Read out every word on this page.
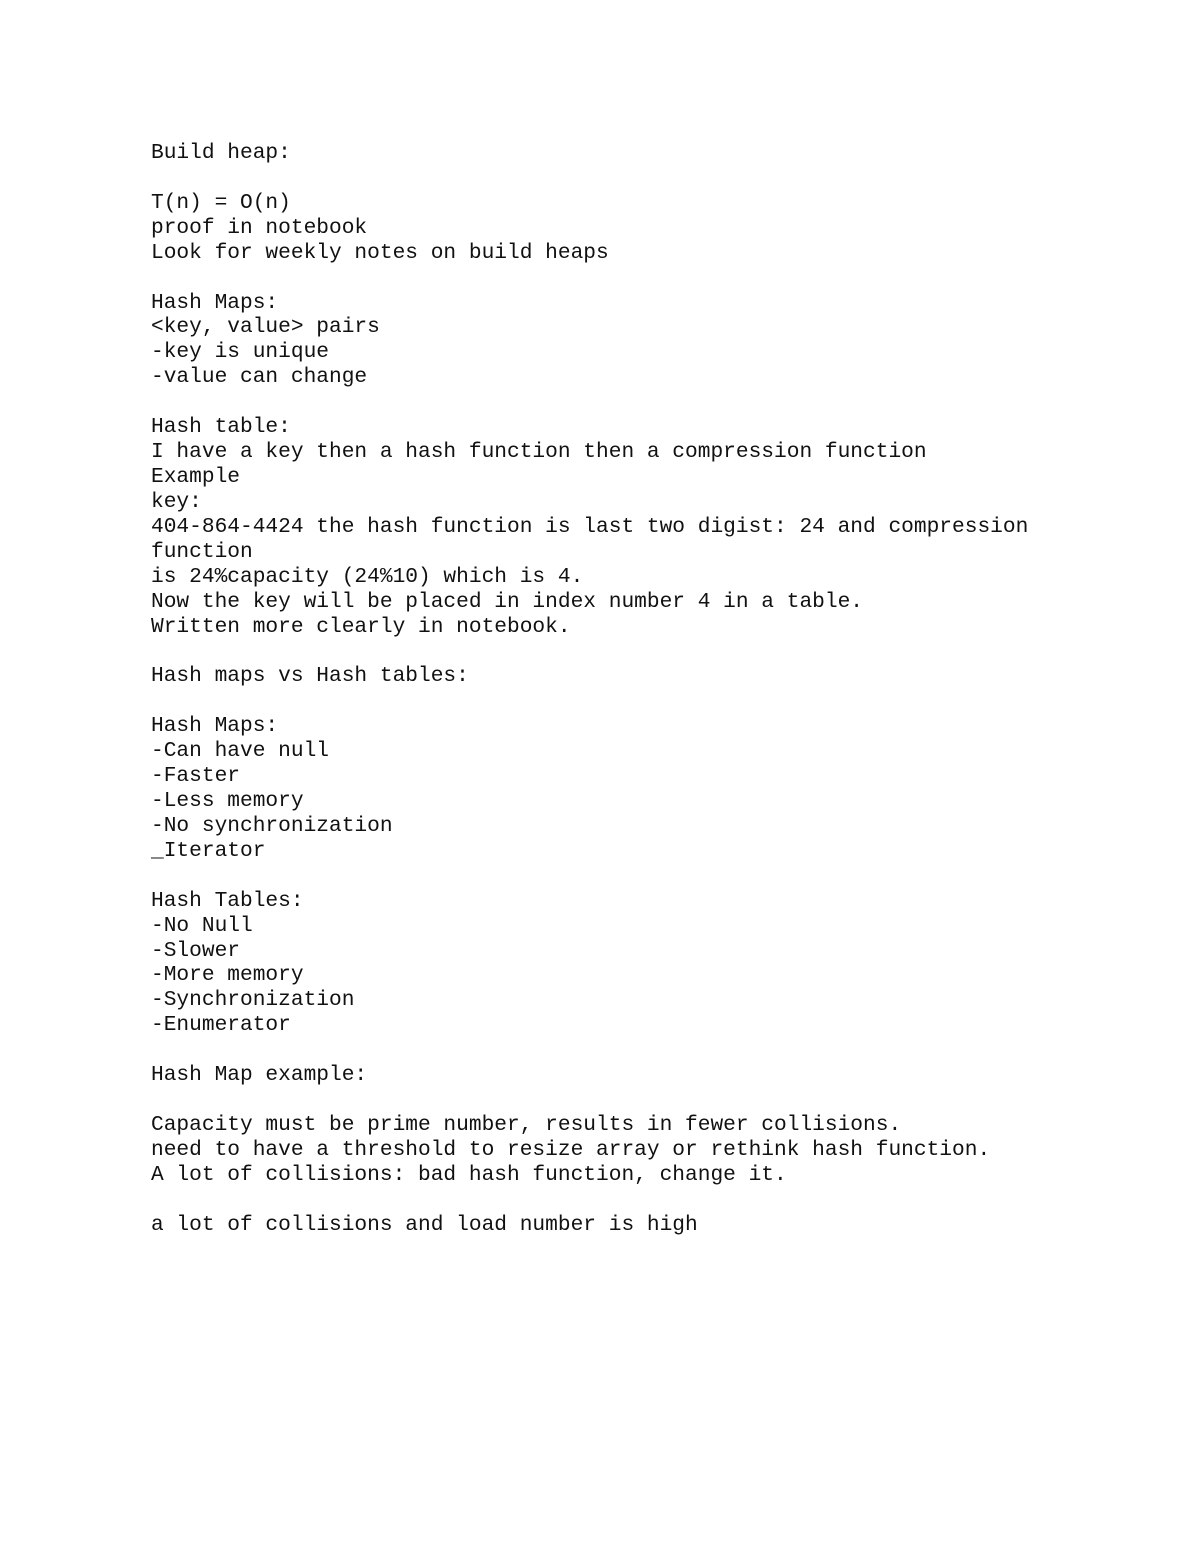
Build heap:
T(n) = O(n)
proof in notebook
Look for weekly notes on build heaps
Hash Maps:
<key, value> pairs
-key is unique
-value can change
Hash table:
I have a key then a hash function then a compression function
Example
key:
404-864-4424 the hash function is last two digist: 24 and compression
function
is 24%capacity (24%10) which is 4.
Now the key will be placed in index number 4 in a table.
Written more clearly in notebook.
Hash maps vs Hash tables:
Hash Maps:
-Can have null
-Faster
-Less memory
-No synchronization
_Iterator
Hash Tables:
-No Null
-Slower
-More memory
-Synchronization
-Enumerator
Hash Map example:
Capacity must be prime number, results in fewer collisions.
need to have a threshold to resize array or rethink hash function.
A lot of collisions: bad hash function, change it.
a lot of collisions and load number is high
